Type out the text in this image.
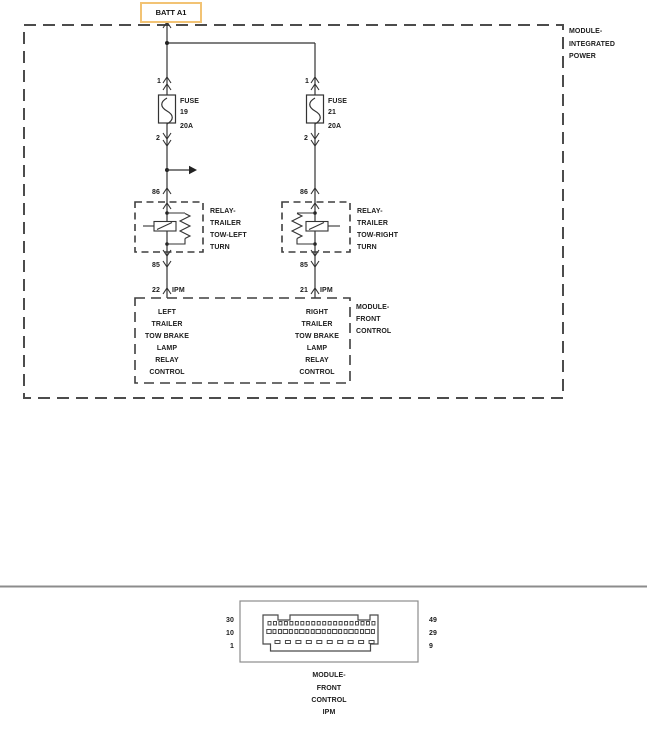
BATT A1
MODULE-
INTEGRATED
POWER
1
FUSE
19
20A
2
1
FUSE
21
20A
2
86
RELAY-
TRAILER
TOW-LEFT
TURN
85
86
RELAY-
TRAILER
TOW-RIGHT
TURN
85
22 IPM	21 IPM
LEFT
TRAILER
TOW BRAKE
LAMP
RELAY
CONTROL
RIGHT
TRAILER
TOW BRAKE
LAMP
RELAY
CONTROL
MODULE-
FRONT
CONTROL
30
10
1
49
29
9
MODULE-
FRONT
CONTROL
IPM
